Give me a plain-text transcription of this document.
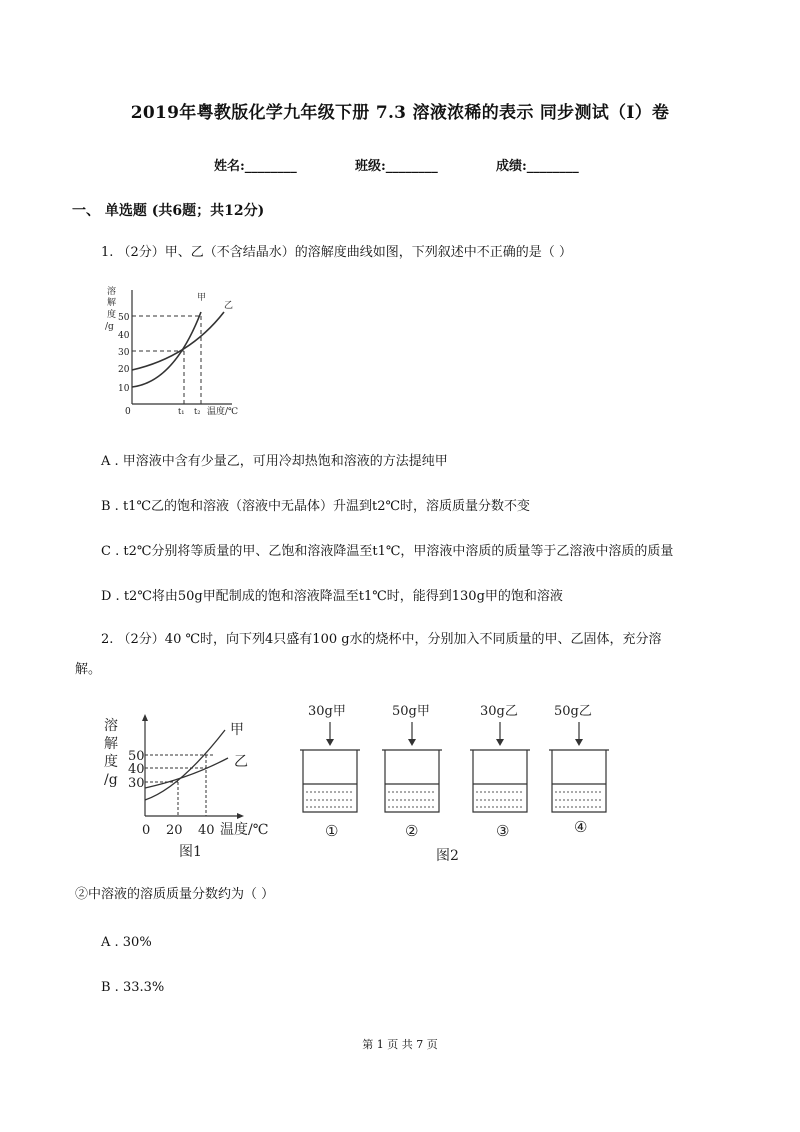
2019年粤教版化学九年级下册 7.3 溶液浓稀的表示 同步测试（I）卷
姓名:________	班级:________	成绩:________
一、 单选题 (共6题；共12分)
1. （2分）甲、乙（不含结晶水）的溶解度曲线如图，下列叙述中不正确的是（ ）
溶
解
度
/g
50
40
30
20
10
0	t₁ t₂ 温度/℃
甲
乙
A . 甲溶液中含有少量乙，可用冷却热饱和溶液的方法提纯甲
B . t1℃乙的饱和溶液（溶液中无晶体）升温到t2℃时，溶质质量分数不变
C . t2℃分别将等质量的甲、乙饱和溶液降温至t1℃，甲溶液中溶质的质量等于乙溶液中溶质的质量
D . t2℃将由50g甲配制成的饱和溶液降温至t1℃时，能得到130g甲的饱和溶液
2. （2分）40 ℃时，向下列4只盛有100 g水的烧杯中，分别加入不同质量的甲、乙固体，充分溶
解。
溶
解
度
/g
50
40
30
0 20 40 温度/℃
甲
乙
图1
30g甲	50g甲	30g乙	50g乙
①	②	③	④
图2
②中溶液的溶质质量分数约为（ ）
A . 30%
B . 33.3%
第 1 页 共 7 页
